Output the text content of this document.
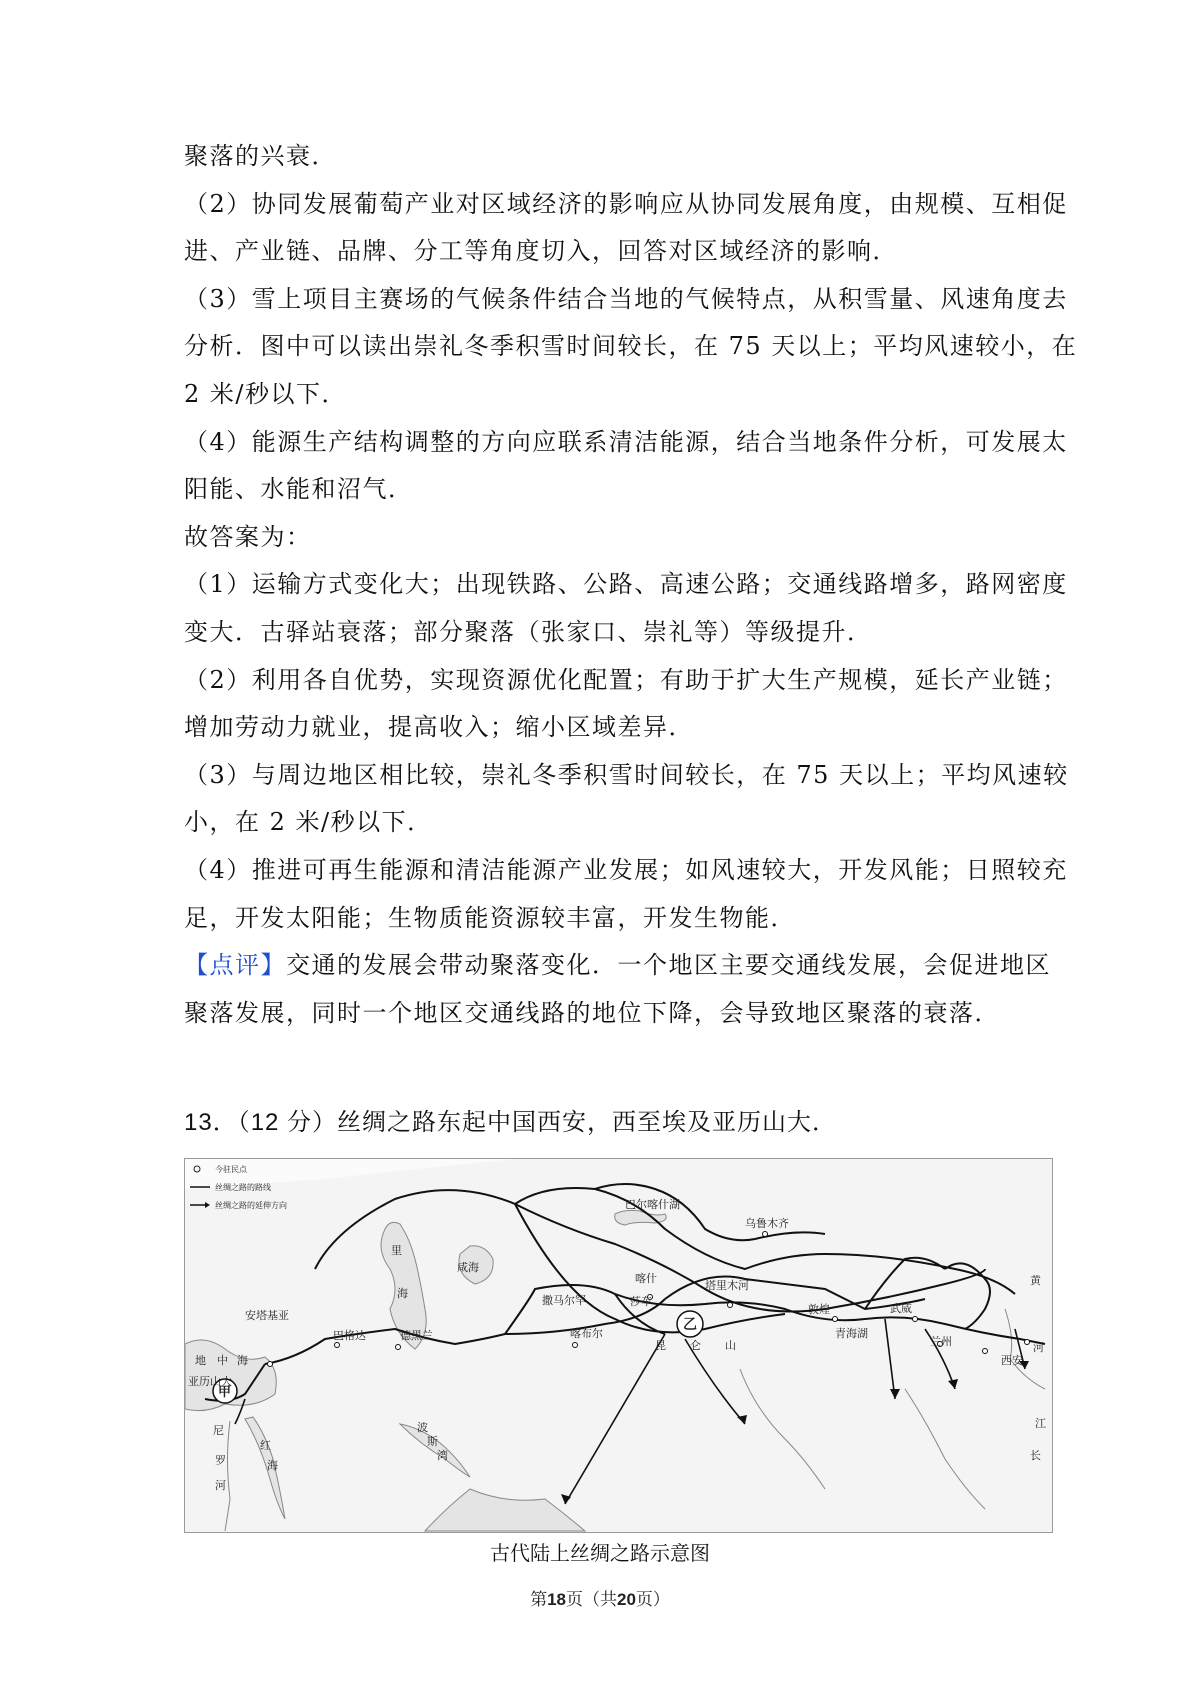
聚落的兴衰．
（2）协同发展葡萄产业对区域经济的影响应从协同发展角度，由规模、互相促
进、产业链、品牌、分工等角度切入，回答对区域经济的影响．
（3）雪上项目主赛场的气候条件结合当地的气候特点，从积雪量、风速角度去
分析．图中可以读出崇礼冬季积雪时间较长，在 75 天以上；平均风速较小，在
2 米/秒以下．
（4）能源生产结构调整的方向应联系清洁能源，结合当地条件分析，可发展太
阳能、水能和沼气．
故答案为：
（1）运输方式变化大；出现铁路、公路、高速公路；交通线路增多，路网密度
变大．古驿站衰落；部分聚落（张家口、崇礼等）等级提升．
（2）利用各自优势，实现资源优化配置；有助于扩大生产规模，延长产业链；
增加劳动力就业，提高收入；缩小区域差异．
（3）与周边地区相比较，崇礼冬季积雪时间较长，在 75 天以上；平均风速较
小，在 2 米/秒以下．
（4）推进可再生能源和清洁能源产业发展；如风速较大，开发风能；日照较充
足，开发太阳能；生物质能资源较丰富，开发生物能．
【点评】交通的发展会带动聚落变化．一个地区主要交通线发展，会促进地区
聚落发展，同时一个地区交通线路的地位下降，会导致地区聚落的衰落．
13．（12 分）丝绸之路东起中国西安，西至埃及亚历山大．
今驻民点
丝绸之路的路线
丝绸之路的延伸方向	巴尔喀什湖
乌鲁木齐
咸海
里
海
喀什
塔里木河
撒马尔罕	莎车
乙
敦煌	武威
黄
河
兰州
青海湖
西安
安塔基亚
巴格达	德黑兰	喀布尔
昆 仑 山
地 中 海
亚历山大
甲
尼
罗
河
红
海
波
斯
湾
江
长
古代陆上丝绸之路示意图
第18页（共20页）
